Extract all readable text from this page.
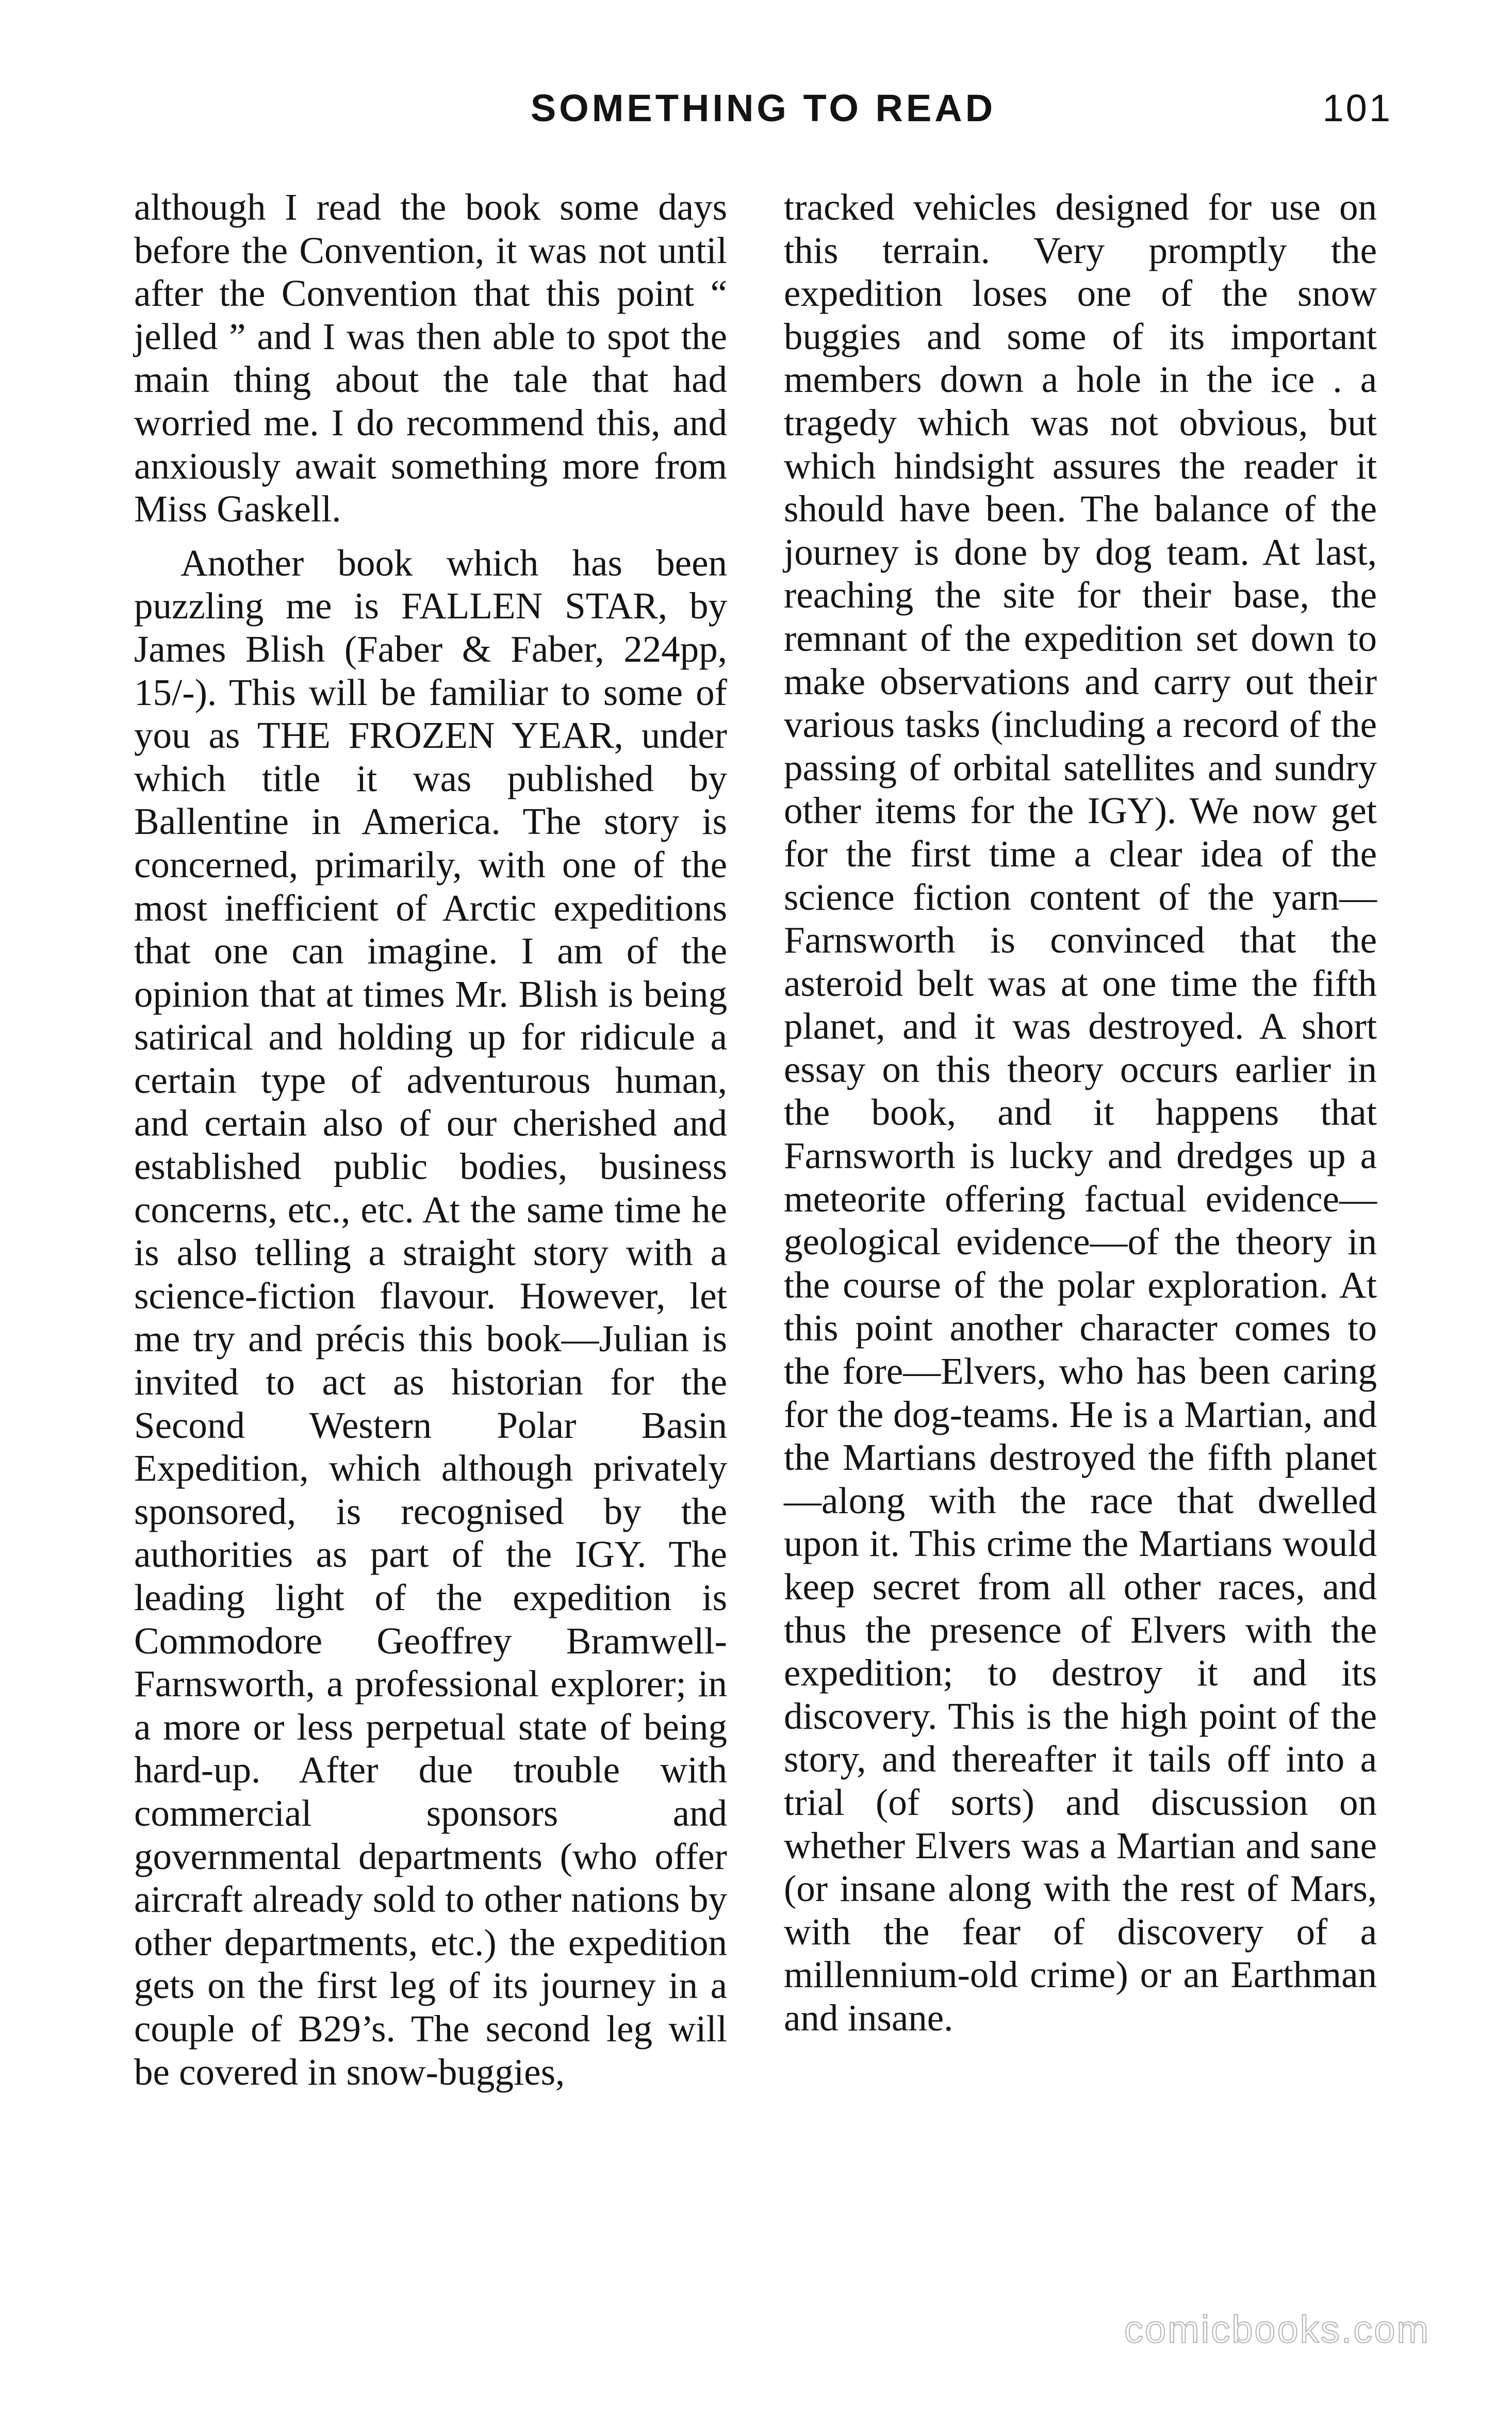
SOMETHING TO READ	101

although I read the book some days before the Convention, it was not until after the Convention that this point “ jelled ” and I was then able to spot the main thing about the tale that had worried me. I do recommend this, and anxiously await something more from Miss Gaskell.

Another book which has been puzzling me is FALLEN STAR, by James Blish (Faber & Faber, 224pp, 15/-). This will be familiar to some of you as THE FROZEN YEAR, under which title it was published by Ballentine in America. The story is concerned, primarily, with one of the most inefficient of Arctic expeditions that one can imagine. I am of the opinion that at times Mr. Blish is being satirical and holding up for ridicule a certain type of adventurous human, and certain also of our cherished and established public bodies, business concerns, etc., etc. At the same time he is also telling a straight story with a science-fiction flavour. However, let me try and précis this book—Julian is invited to act as historian for the Second Western Polar Basin Expedition, which although privately sponsored, is recognised by the authorities as part of the IGY. The leading light of the expedition is Commodore Geoffrey Bramwell-Farnsworth, a professional explorer; in a more or less perpetual state of being hard-up. After due trouble with commercial sponsors and governmental departments (who offer aircraft already sold to other nations by other departments, etc.) the expedition gets on the first leg of its journey in a couple of B29’s. The second leg will be covered in snow-buggies,

tracked vehicles designed for use on this terrain. Very promptly the expedition loses one of the snow buggies and some of its important members down a hole in the ice . a tragedy which was not obvious, but which hindsight assures the reader it should have been. The balance of the journey is done by dog team. At last, reaching the site for their base, the remnant of the expedition set down to make observations and carry out their various tasks (including a record of the passing of orbital satellites and sundry other items for the IGY). We now get for the first time a clear idea of the science fiction content of the yarn—Farnsworth is convinced that the asteroid belt was at one time the fifth planet, and it was destroyed. A short essay on this theory occurs earlier in the book, and it happens that Farnsworth is lucky and dredges up a meteorite offering factual evidence—geological evidence—of the theory in the course of the polar exploration. At this point another character comes to the fore—Elvers, who has been caring for the dog-teams. He is a Martian, and the Martians destroyed the fifth planet—along with the race that dwelled upon it. This crime the Martians would keep secret from all other races, and thus the presence of Elvers with the expedition; to destroy it and its discovery. This is the high point of the story, and thereafter it tails off into a trial (of sorts) and discussion on whether Elvers was a Martian and sane (or insane along with the rest of Mars, with the fear of discovery of a millennium-old crime) or an Earthman and insane.

comicbooks.com
